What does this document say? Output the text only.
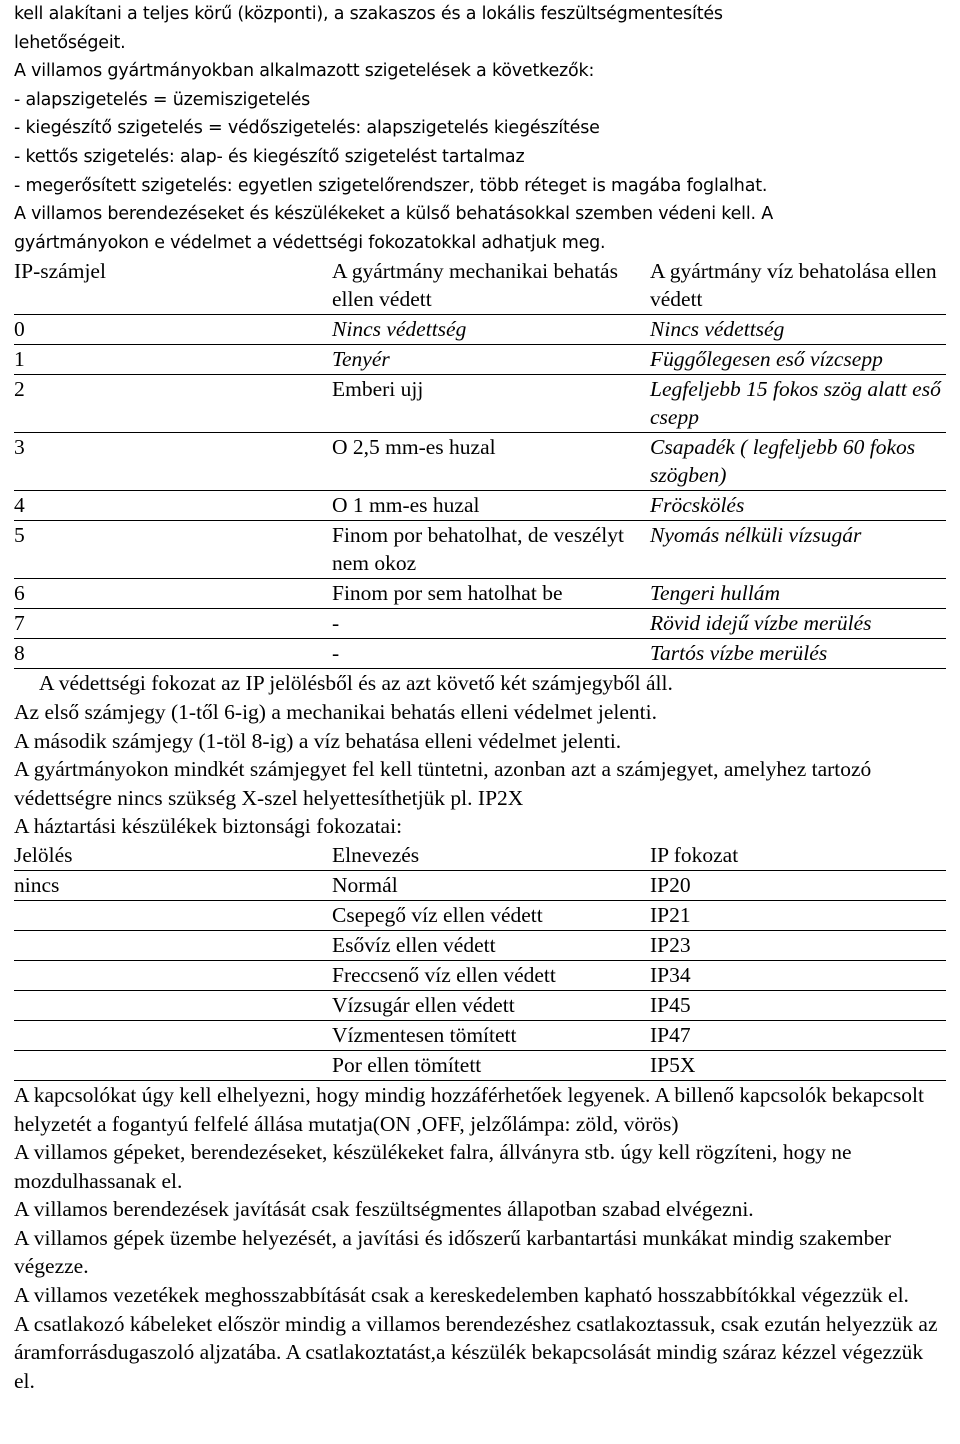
kell alakítani a teljes körű (központi), a szakaszos és a lokális feszültségmentesítés

lehetőségeit.

A villamos gyártmányokban alkalmazott szigetelések a következők:

- alapszigetelés = üzemiszigetelés

- kiegészítő szigetelés = védőszigetelés: alapszigetelés kiegészítése

- kettős szigetelés: alap- és kiegészítő szigetelést tartalmaz

- megerősített szigetelés: egyetlen szigetelőrendszer, több réteget is magába foglalhat.

A villamos berendezéseket és készülékeket a külső behatásokkal szemben védeni kell. A

gyártmányokon e védelmet a védettségi fokozatokkal adhatjuk meg.

IP-számjel	A gyártmány mechanikai behatás ellen védett	A gyártmány víz behatolása ellen védett
0	Nincs védettség	Nincs védettség
1	Tenyér	Függőlegesen eső vízcsepp
2	Emberi ujj	Legfeljebb 15 fokos szög alatt eső csepp
3	O 2,5 mm-es huzal	Csapadék ( legfeljebb 60 fokos szögben)
4	O 1 mm-es huzal	Fröcskölés
5	Finom por behatolhat, de veszélyt nem okoz	Nyomás nélküli vízsugár
6	Finom por sem hatolhat be	Tengeri hullám
7	-	Rövid idejű vízbe merülés
8	-	Tartós vízbe merülés

A védettségi fokozat az IP jelölésből és az azt követő két számjegyből áll.

Az első számjegy (1-től 6-ig) a mechanikai behatás elleni védelmet jelenti.

A második számjegy (1-töl 8-ig) a víz behatása elleni védelmet jelenti.

A gyártmányokon mindkét számjegyet fel kell tüntetni, azonban azt a számjegyet, amelyhez tartozó védettségre nincs szükség X-szel helyettesíthetjük pl. IP2X

A háztartási készülékek biztonsági fokozatai:

Jelölés	Elnevezés	IP fokozat
nincs	Normál	IP20
	Csepegő víz ellen védett	IP21
	Esővíz ellen védett	IP23
	Freccsenő víz ellen védett	IP34
	Vízsugár ellen védett	IP45
	Vízmentesen tömített	IP47
	Por ellen tömített	IP5X

A kapcsolókat úgy kell elhelyezni, hogy mindig hozzáférhetőek legyenek. A billenő kapcsolók bekapcsolt helyzetét a fogantyú felfelé állása mutatja(ON ,OFF, jelzőlámpa: zöld, vörös)

A villamos gépeket, berendezéseket, készülékeket falra, állványra stb. úgy kell rögzíteni, hogy ne mozdulhassanak el.

A villamos berendezések javítását csak feszültségmentes állapotban szabad elvégezni.

A villamos gépek üzembe helyezését, a javítási és időszerű karbantartási munkákat mindig szakember végezze.

A villamos vezetékek meghosszabbítását csak a kereskedelemben kapható hosszabbítókkal végezzük el.

A csatlakozó kábeleket először mindig a villamos berendezéshez csatlakoztassuk, csak ezután helyezzük az áramforrásdugaszoló aljzatába. A csatlakoztatást,a készülék bekapcsolását mindig száraz kézzel végezzük el.
